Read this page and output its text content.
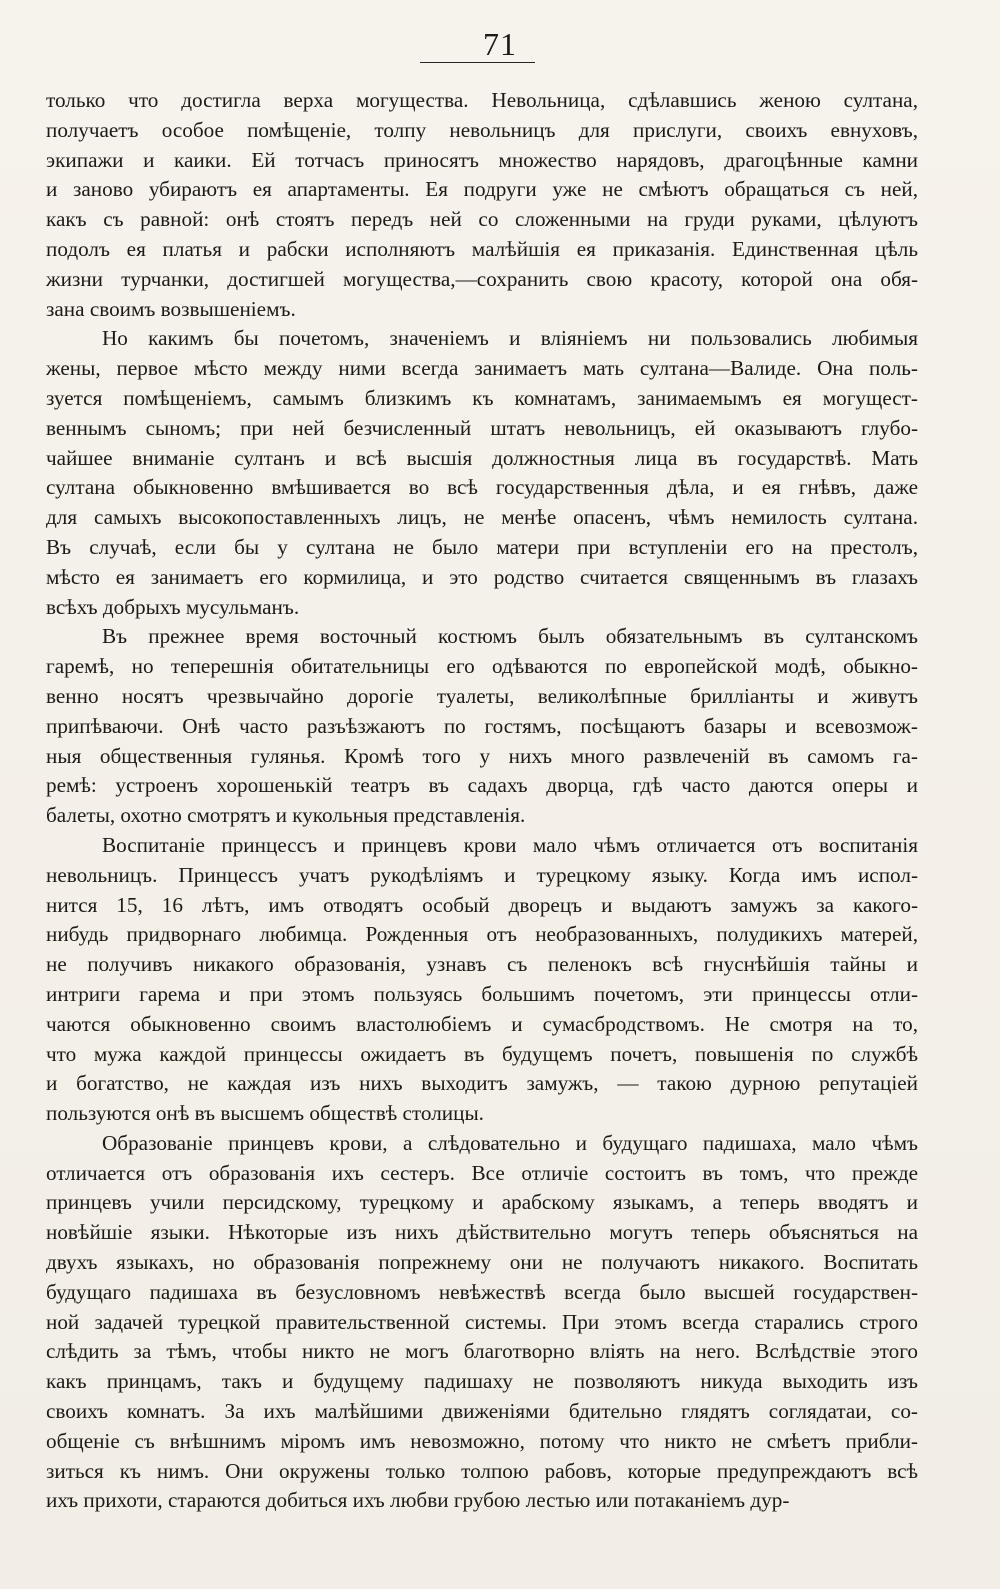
71
только что достигла верха могущества. Невольница, сдѣлавшись женою султана,
получаетъ особое помѣщеніе, толпу невольницъ для прислуги, своихъ евнуховъ,
экипажи и каики. Ей тотчасъ приносятъ множество нарядовъ, драгоцѣнные камни
и заново убираютъ ея апартаменты. Ея подруги уже не смѣютъ обращаться съ ней,
какъ съ равной: онѣ стоятъ передъ ней со сложенными на груди руками, цѣлуютъ
подолъ ея платья и рабски исполняютъ малѣйшія ея приказанія. Единственная цѣль
жизни турчанки, достигшей могущества,—сохранить свою красоту, которой она обя-
зана своимъ возвышеніемъ.
Но какимъ бы почетомъ, значеніемъ и вліяніемъ ни пользовались любимыя
жены, первое мѣсто между ними всегда занимаетъ мать султана—Валиде. Она поль-
зуется помѣщеніемъ, самымъ близкимъ къ комнатамъ, занимаемымъ ея могущест-
веннымъ сыномъ; при ней безчисленный штатъ невольницъ, ей оказываютъ глубо-
чайшее вниманіе султанъ и всѣ высшія должностныя лица въ государствѣ. Мать
султана обыкновенно вмѣшивается во всѣ государственныя дѣла, и ея гнѣвъ, даже
для самыхъ высокопоставленныхъ лицъ, не менѣе опасенъ, чѣмъ немилость султана.
Въ случаѣ, если бы у султана не было матери при вступленіи его на престолъ,
мѣсто ея занимаетъ его кормилица, и это родство считается священнымъ въ глазахъ
всѣхъ добрыхъ мусульманъ.
Въ прежнее время восточный костюмъ былъ обязательнымъ въ султанскомъ
гаремѣ, но теперешнія обитательницы его одѣваются по европейской модѣ, обыкно-
венно носятъ чрезвычайно дорогіе туалеты, великолѣпные брилліанты и живутъ
припѣваючи. Онѣ часто разъѣзжаютъ по гостямъ, посѣщаютъ базары и всевозмож-
ныя общественныя гулянья. Кромѣ того у нихъ много развлеченій въ самомъ га-
ремѣ: устроенъ хорошенькій театръ въ садахъ дворца, гдѣ часто даются оперы и
балеты, охотно смотрятъ и кукольныя представленія.
Воспитаніе принцессъ и принцевъ крови мало чѣмъ отличается отъ воспитанія
невольницъ. Принцессъ учатъ рукодѣліямъ и турецкому языку. Когда имъ испол-
нится 15, 16 лѣтъ, имъ отводятъ особый дворецъ и выдаютъ замужъ за какого-
нибудь придворнаго любимца. Рожденныя отъ необразованныхъ, полудикихъ матерей,
не получивъ никакого образованія, узнавъ съ пеленокъ всѣ гнуснѣйшія тайны и
интриги гарема и при этомъ пользуясь большимъ почетомъ, эти принцессы отли-
чаются обыкновенно своимъ властолюбіемъ и сумасбродствомъ. Не смотря на то,
что мужа каждой принцессы ожидаетъ въ будущемъ почетъ, повышенія по службѣ
и богатство, не каждая изъ нихъ выходитъ замужъ, — такою дурною репутаціей
пользуются онѣ въ высшемъ обществѣ столицы.
Образованіе принцевъ крови, а слѣдовательно и будущаго падишаха, мало чѣмъ
отличается отъ образованія ихъ сестеръ. Все отличіе состоитъ въ томъ, что прежде
принцевъ учили персидскому, турецкому и арабскому языкамъ, а теперь вводятъ и
новѣйшіе языки. Нѣкоторые изъ нихъ дѣйствительно могутъ теперь объясняться на
двухъ языкахъ, но образованія попрежнему они не получаютъ никакого. Воспитать
будущаго падишаха въ безусловномъ невѣжествѣ всегда было высшей государствен-
ной задачей турецкой правительственной системы. При этомъ всегда старались строго
слѣдить за тѣмъ, чтобы никто не могъ благотворно влiять на него. Вслѣдствіе этого
какъ принцамъ, такъ и будущему падишаху не позволяютъ никуда выходить изъ
своихъ комнатъ. За ихъ малѣйшими движеніями бдительно глядятъ соглядатаи, со-
общеніе съ внѣшнимъ міромъ имъ невозможно, потому что никто не смѣетъ прибли-
зиться къ нимъ. Они окружены только толпою рабовъ, которые предупреждаютъ всѣ
ихъ прихоти, стараются добиться ихъ любви грубою лестью или потаканіемъ дур-
